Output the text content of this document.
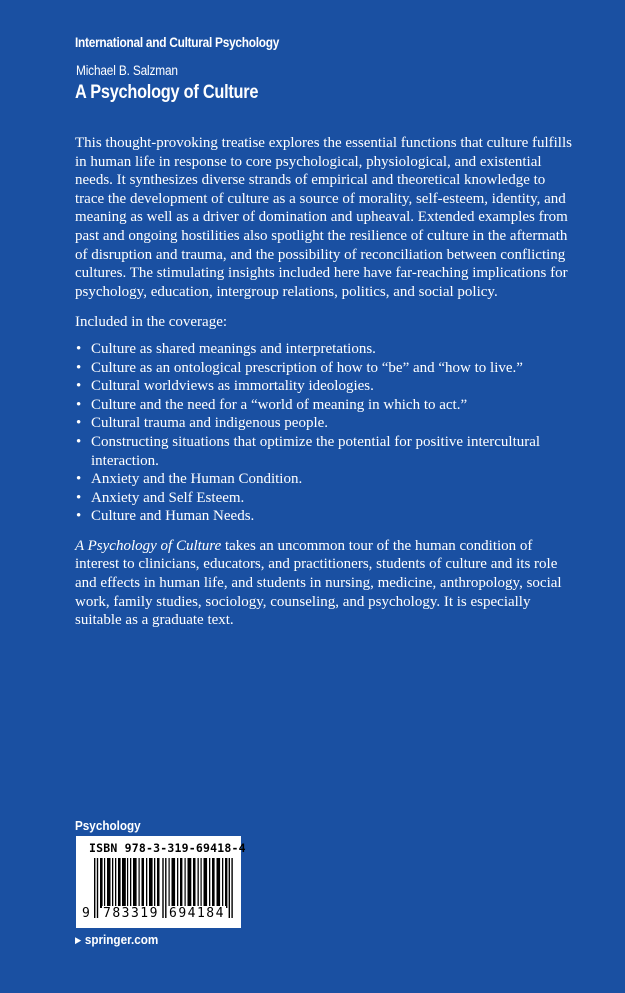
International and Cultural Psychology
Michael B. Salzman
A Psychology of Culture

This thought-provoking treatise explores the essential functions that culture fulfills in human life in response to core psychological, physiological, and existential needs. It synthesizes diverse strands of empirical and theoretical knowledge to trace the development of culture as a source of morality, self-esteem, identity, and meaning as well as a driver of domination and upheaval. Extended examples from past and ongoing hostilities also spotlight the resilience of culture in the aftermath of disruption and trauma, and the possibility of reconciliation between conflicting cultures. The stimulating insights included here have far-reaching implications for psychology, education, intergroup relations, politics, and social policy.

Included in the coverage:

• Culture as shared meanings and interpretations.
• Culture as an ontological prescription of how to “be” and “how to live.”
• Cultural worldviews as immortality ideologies.
• Culture and the need for a “world of meaning in which to act.”
• Cultural trauma and indigenous people.
• Constructing situations that optimize the potential for positive intercultural interaction.
• Anxiety and the Human Condition.
• Anxiety and Self Esteem.
• Culture and Human Needs.

A Psychology of Culture takes an uncommon tour of the human condition of interest to clinicians, educators, and practitioners, students of culture and its role and effects in human life, and students in nursing, medicine, anthropology, social work, family studies, sociology, counseling, and psychology. It is especially suitable as a graduate text.

Psychology
ISBN 978-3-319-69418-4
9 783319 694184
▶ springer.com
